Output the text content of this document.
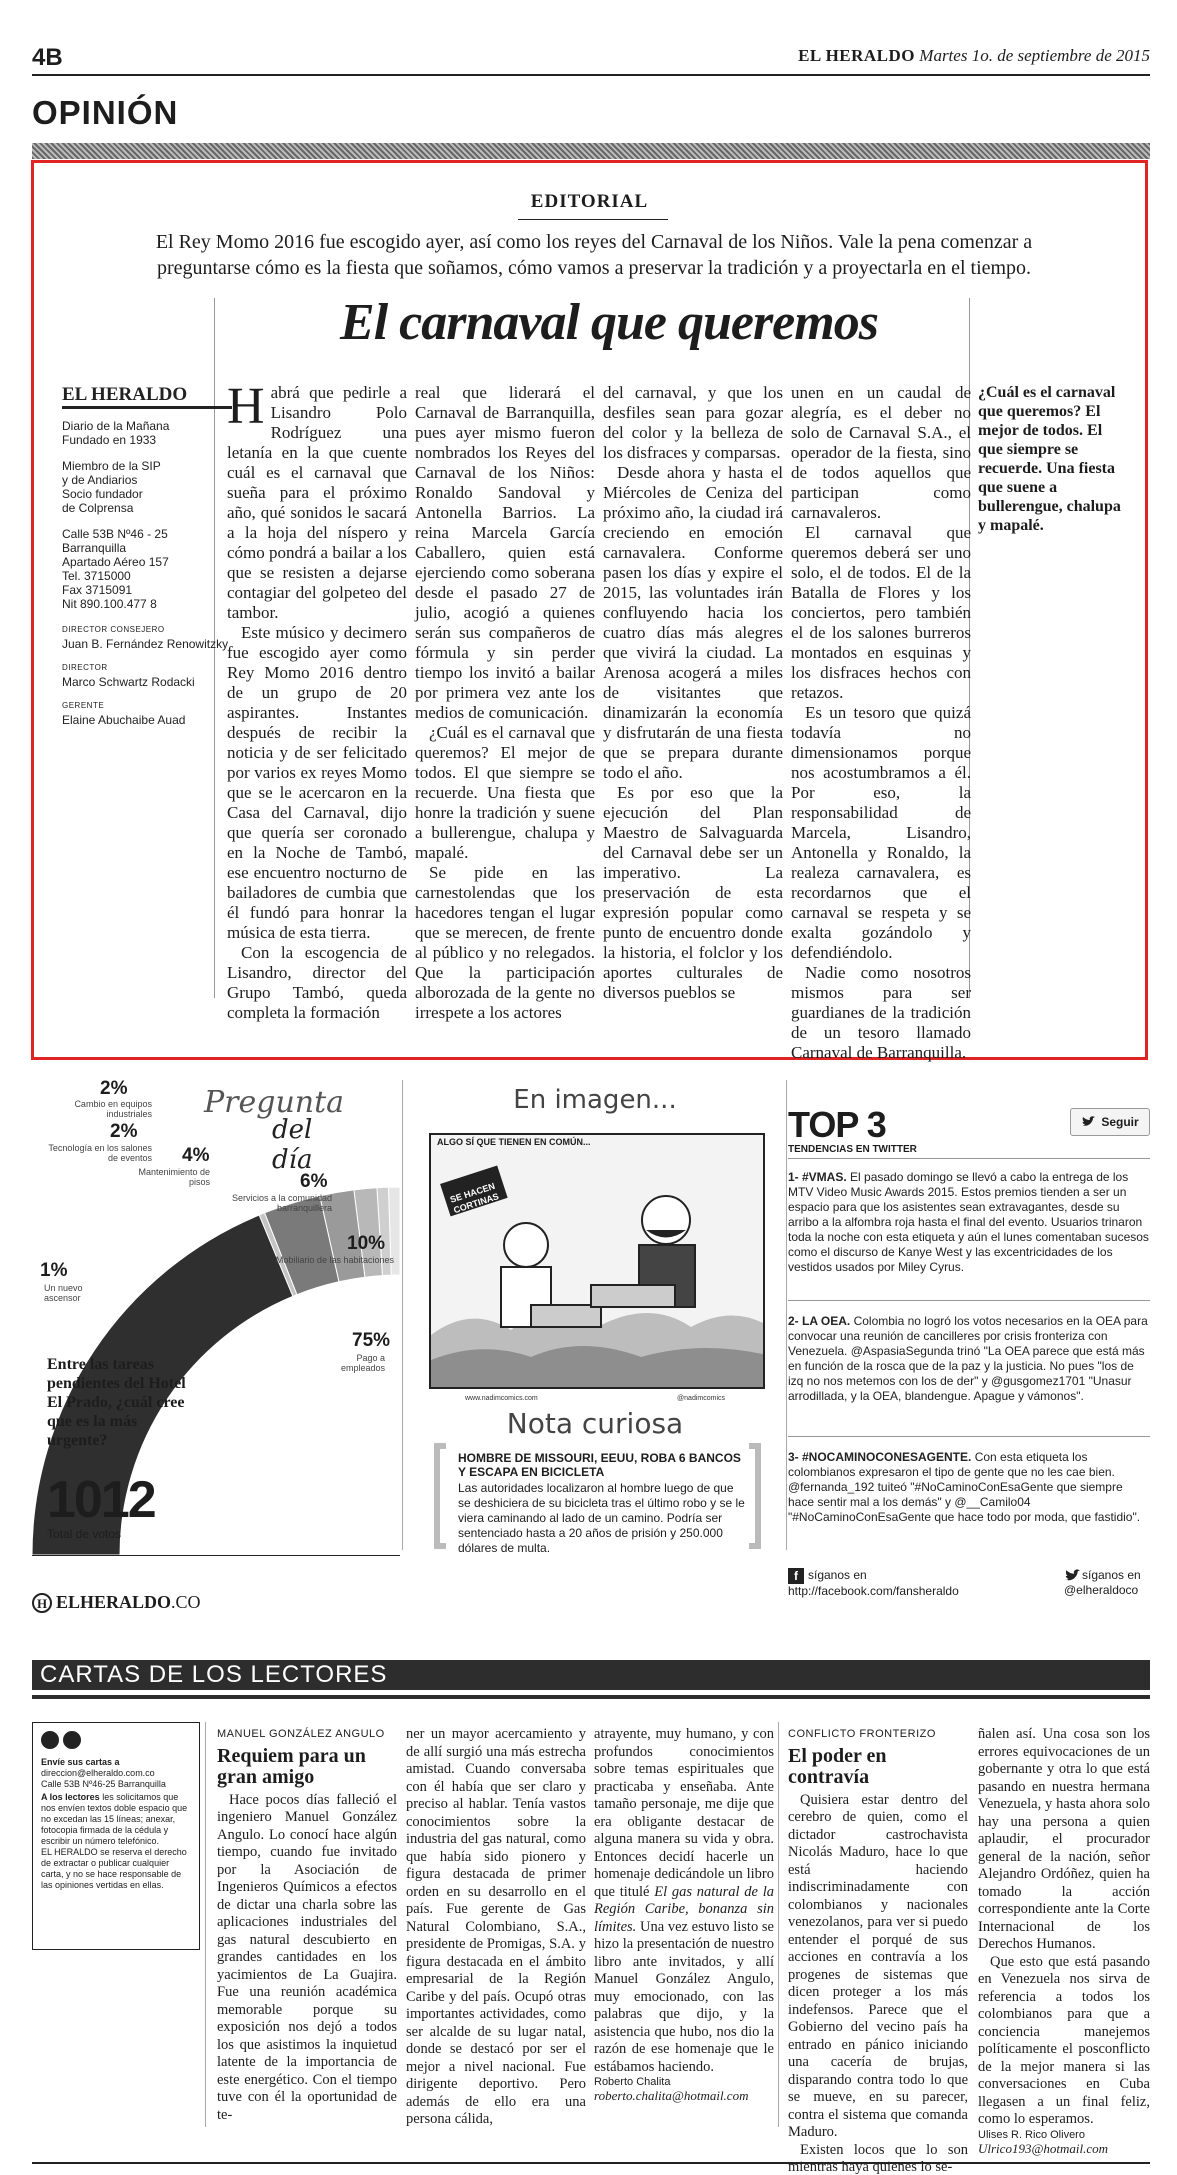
4B	EL HERALDO Martes 1o. de septiembre de 2015
OPINIÓN
EDITORIAL
El Rey Momo 2016 fue escogido ayer, así como los reyes del Carnaval de los Niños. Vale la pena comenzar a preguntarse cómo es la fiesta que soñamos, cómo vamos a preservar la tradición y a proyectarla en el tiempo.
El carnaval que queremos
EL HERALDO
Diario de la Mañana
Fundado en 1933
Miembro de la SIP
y de Andiarios
Socio fundador
de Colprensa
Calle 53B Nº46 - 25
Barranquilla
Apartado Aéreo 157
Tel. 3715000
Fax 3715091
Nit 890.100.477 8
DIRECTOR CONSEJERO
Juan B. Fernández Renowitzky
DIRECTOR
Marco Schwartz Rodacki
GERENTE
Elaine Abuchaibe Auad

Habrá que pedirle a Lisandro Polo Rodríguez una letanía en la que cuente cuál es el carnaval que sueña para el próximo año, qué sonidos le sacará a la hoja del níspero y cómo pondrá a bailar a los que se resisten a dejarse contagiar del golpeteo del tambor.

Este músico y decimero fue escogido ayer como Rey Momo 2016 dentro de un grupo de 20 aspirantes. Instantes después de recibir la noticia y de ser felicitado por varios ex reyes Momo que se le acercaron en la Casa del Carnaval, dijo que quería ser coronado en la Noche de Tambó, ese encuentro nocturno de bailadores de cumbia que él fundó para honrar la música de esta tierra.

Con la escogencia de Lisandro, director del Grupo Tambó, queda completa la formación

real que liderará el Carnaval de Barranquilla, pues ayer mismo fueron nombrados los Reyes del Carnaval de los Niños: Ronaldo Sandoval y Antonella Barrios. La reina Marcela García Caballero, quien está ejerciendo como soberana desde el pasado 27 de julio, acogió a quienes serán sus compañeros de fórmula y sin perder tiempo los invitó a bailar por primera vez ante los medios de comunicación.

¿Cuál es el carnaval que queremos? El mejor de todos. El que siempre se recuerde. Una fiesta que honre la tradición y suene a bullerengue, chalupa y mapalé.

Se pide en las carnestolendas que los hacedores tengan el lugar que se merecen, de frente al público y no relegados. Que la participación alborozada de la gente no irrespete a los actores

del carnaval, y que los desfiles sean para gozar del color y la belleza de los disfraces y comparsas.

Desde ahora y hasta el Miércoles de Ceniza del próximo año, la ciudad irá creciendo en emoción carnavalera. Conforme pasen los días y expire el 2015, las voluntades irán confluyendo hacia los cuatro días más alegres que vivirá la ciudad. La Arenosa acogerá a miles de visitantes que dinamizarán la economía y disfrutarán de una fiesta que se prepara durante todo el año.

Es por eso que la ejecución del Plan Maestro de Salvaguarda del Carnaval debe ser un imperativo. La preservación de esta expresión popular como punto de encuentro donde la historia, el folclor y los aportes culturales de diversos pueblos se

unen en un caudal de alegría, es el deber no solo de Carnaval S.A., el operador de la fiesta, sino de todos aquellos que participan como carnavaleros.

El carnaval que queremos deberá ser uno solo, el de todos. El de la Batalla de Flores y los conciertos, pero también el de los salones burreros montados en esquinas y los disfraces hechos con retazos.

Es un tesoro que quizá todavía no dimensionamos porque nos acostumbramos a él. Por eso, la responsabilidad de Marcela, Lisandro, Antonella y Ronaldo, la realeza carnavalera, es recordarnos que el carnaval se respeta y se exalta gozándolo y defendiéndolo.

Nadie como nosotros mismos para ser guardianes de la tradición de un tesoro llamado Carnaval de Barranquilla.

¿Cuál es el carnaval que queremos? El mejor de todos. El que siempre se recuerde. Una fiesta que suene a bullerengue, chalupa y mapalé.
Pregunta
del día
2%
Cambio en equipos industriales
2%
Tecnología en los salones de eventos 4%
Mantenimiento de pisos	6%
Servicios a la comunidad barranquillera
10%
Mobiliario de las habitaciones
1%
Un nuevo ascensor
75%
Pago a empleados
Entre las tareas pendientes del Hotel El Prado, ¿cuál cree que es la más urgente?
1012
Total de votos
En imagen...
ALGO SÍ QUE TIENEN EN COMÚN...
SE HACEN CORTINAS
www.nadimcomics.com	@nadimcomics
Nota curiosa
HOMBRE DE MISSOURI, EEUU, ROBA 6 BANCOS Y ESCAPA EN BICICLETA
Las autoridades localizaron al hombre luego de que se deshiciera de su bicicleta tras el último robo y se le viera caminando al lado de un camino. Podría ser sentenciado hasta a 20 años de prisión y 250.000 dólares de multa.
TOP 3
TENDENCIAS EN TWITTER
Seguir
1- #VMAS. El pasado domingo se llevó a cabo la entrega de los MTV Video Music Awards 2015. Estos premios tienden a ser un espacio para que los asistentes sean extravagantes, desde su arribo a la alfombra roja hasta el final del evento. Usuarios trinaron toda la noche con esta etiqueta y aún el lunes comentaban sucesos como el discurso de Kanye West y las excentricidades de los vestidos usados por Miley Cyrus.
2- LA OEA. Colombia no logró los votos necesarios en la OEA para convocar una reunión de cancilleres por crisis fronteriza con Venezuela. @AspasiaSegunda trinó "La OEA parece que está más en función de la rosca que de la paz y la justicia. No pues "los de izq no nos metemos con los de der" y @gusgomez1701 "Unasur arrodillada, y la OEA, blandengue. Apague y vámonos".
3- #NOCAMINOCONESAGENTE. Con esta etiqueta los colombianos expresaron el tipo de gente que no les cae bien. @fernanda_192 tuiteó "#NoCaminoConEsaGente que siempre hace sentir mal a los demás" y @__Camilo04 "#NoCaminoConEsaGente que hace todo por moda, que fastidio".
f síganos en
http://facebook.com/fansheraldo
síganos en
@elheraldoco
H ELHERALDO.CO
CARTAS DE LOS LECTORES
Envíe sus cartas a
direccion@elheraldo.com.co
Calle 53B Nº46-25 Barranquilla
A los lectores les solicitamos que nos envíen textos doble espacio que no excedan las 15 líneas; anexar, fotocopia firmada de la cédula y escribir un número telefónico.
EL HERALDO se reserva el derecho de extractar o publicar cualquier carta, y no se hace responsable de las opiniones vertidas en ellas.
MANUEL GONZÁLEZ ANGULO
Requiem para un gran amigo

Hace pocos días falleció el ingeniero Manuel González Angulo. Lo conocí hace algún tiempo, cuando fue invitado por la Asociación de Ingenieros Químicos a efectos de dictar una charla sobre las aplicaciones industriales del gas natural descubierto en grandes cantidades en los yacimientos de La Guajira. Fue una reunión académica memorable porque su exposición nos dejó a todos los que asistimos la inquietud latente de la importancia de este energético. Con el tiempo tuve con él la oportunidad de te-

ner un mayor acercamiento y de allí surgió una más estrecha amistad. Cuando conversaba con él había que ser claro y preciso al hablar. Tenía vastos conocimientos sobre la industria del gas natural, como que había sido pionero y figura destacada de primer orden en su desarrollo en el país. Fue gerente de Gas Natural Colombiano, S.A., presidente de Promigas, S.A. y figura destacada en el ámbito empresarial de la Región Caribe y del país. Ocupó otras importantes actividades, como ser alcalde de su lugar natal, donde se destacó por ser el mejor a nivel nacional. Fue dirigente deportivo. Pero además de ello era una persona cálida,

atrayente, muy humano, y con profundos conocimientos sobre temas espirituales que practicaba y enseñaba. Ante tamaño personaje, me dije que era obligante destacar de alguna manera su vida y obra. Entonces decidí hacerle un homenaje dedicándole un libro que titulé El gas natural de la Región Caribe, bonanza sin límites. Una vez estuvo listo se hizo la presentación de nuestro libro ante invitados, y allí Manuel González Angulo, muy emocionado, con las palabras que dijo, y la asistencia que hubo, nos dio la razón de ese homenaje que le estábamos haciendo.

Roberto Chalita
roberto.chalita@hotmail.com
CONFLICTO FRONTERIZO
El poder en contravía

Quisiera estar dentro del cerebro de quien, como el dictador castrochavista Nicolás Maduro, hace lo que está haciendo indiscriminadamente con colombianos y nacionales venezolanos, para ver si puedo entender el porqué de sus acciones en contravía a los progenes de sistemas que dicen proteger a los más indefensos. Parece que el Gobierno del vecino país ha entrado en pánico iniciando una cacería de brujas, disparando contra todo lo que se mueve, en su parecer, contra el sistema que comanda Maduro.

Existen locos que lo son mientras haya quienes lo se-

ñalen así. Una cosa son los errores equivocaciones de un gobernante y otra lo que está pasando en nuestra hermana Venezuela, y hasta ahora solo hay una persona a quien aplaudir, el procurador general de la nación, señor Alejandro Ordóñez, quien ha tomado la acción correspondiente ante la Corte Internacional de los Derechos Humanos.

Que esto que está pasando en Venezuela nos sirva de referencia a todos los colombianos para que a conciencia manejemos políticamente el posconflicto de la mejor manera si las conversaciones en Cuba llegasen a un final feliz, como lo esperamos.

Ulises R. Rico Olivero
Ulrico193@hotmail.com
